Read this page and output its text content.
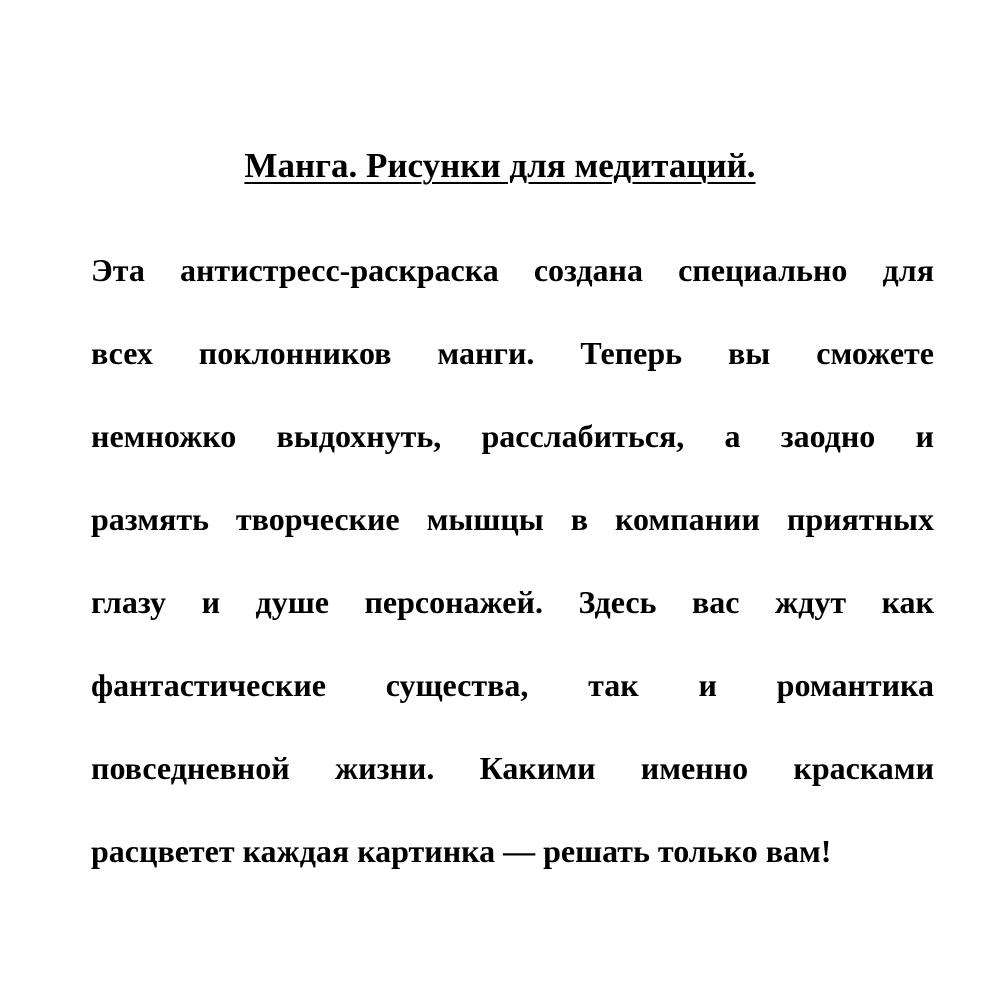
Манга. Рисунки для медитаций.
Эта антистресс-раскраска создана специально для
всех поклонников манги. Теперь вы сможете
немножко выдохнуть, расслабиться, а заодно и
размять творческие мышцы в компании приятных
глазу и душе персонажей. Здесь вас ждут как
фантастические существа, так и романтика
повседневной жизни. Какими именно красками
расцветет каждая картинка — решать только вам!
